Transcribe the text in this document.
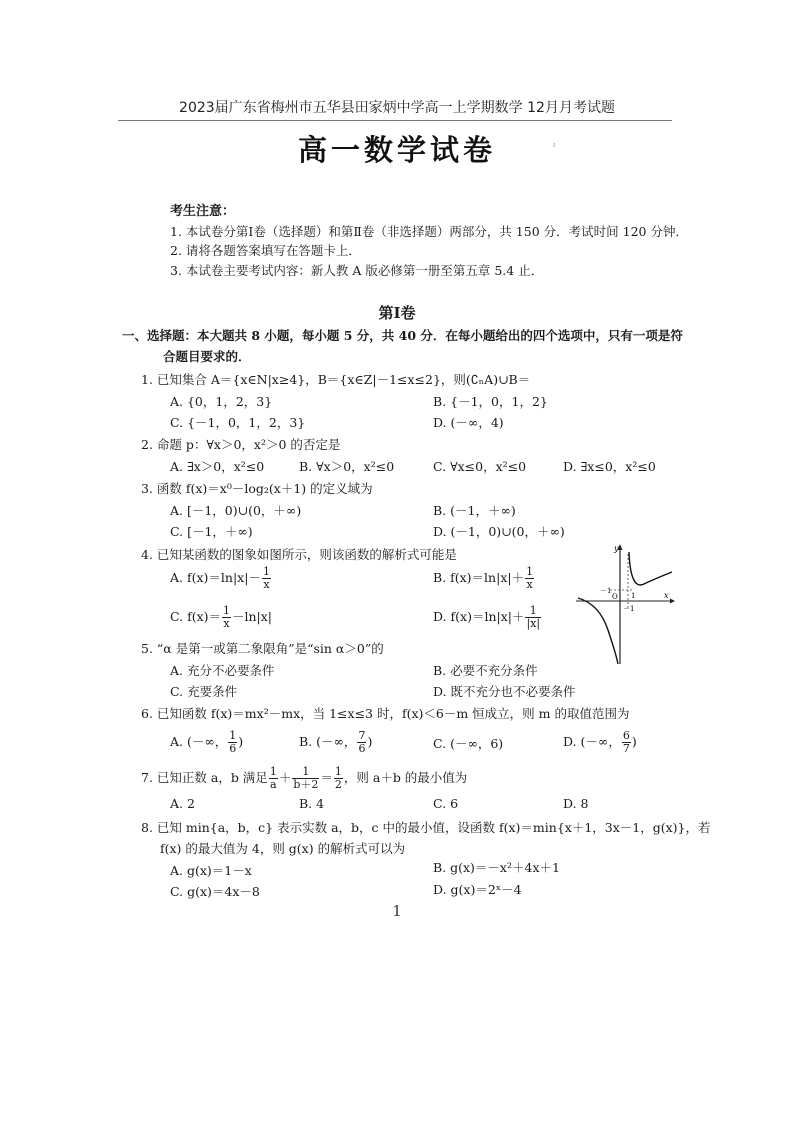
2023届广东省梅州市五华县田家炳中学高一上学期数学 12月月考试题
高一数学试卷	ˀ
考生注意：
1. 本试卷分第Ⅰ卷（选择题）和第Ⅱ卷（非选择题）两部分，共 150 分．考试时间 120 分钟．
2. 请将各题答案填写在答题卡上．
3. 本试卷主要考试内容：新人教 A 版必修第一册至第五章 5.4 止．
第Ⅰ卷
一、选择题：本大题共 8 小题，每小题 5 分，共 40 分．在每小题给出的四个选项中，只有一项是符
合题目要求的．
1. 已知集合 A＝{x∈N|x≥4}，B＝{x∈Z|－1≤x≤2}，则(∁ₙA)∪B＝
A. {0，1，2，3}	B. {－1，0，1，2}
C. {－1，0，1，2，3}	D. (－∞，4)
2. 命题 p：∀x＞0，x²＞0 的否定是
A. ∃x＞0，x²≤0	B. ∀x＞0，x²≤0	C. ∀x≤0，x²≤0	D. ∃x≤0，x²≤0
3. 函数 f(x)＝x⁰－log₂(x＋1) 的定义域为
A. [－1，0)∪(0，＋∞)	B. (－1，＋∞)
C. [－1，＋∞)	D. (－1，0)∪(0，＋∞)
4. 已知某函数的图象如图所示，则该函数的解析式可能是
A. $f(x)=\ln|x|- \frac{1}{x}$	B. $f(x)=\ln|x|+ \frac{1}{x}$
C. $f(x)= \frac{1}{x} -\ln|x|$	D. $f(x)=\ln|x|+ \frac{1}{|x|}$
y
x
O
－1
－1
1
5. “α 是第一或第二象限角”是“sin α＞0”的
A. 充分不必要条件	B. 必要不充分条件
C. 充要条件	D. 既不充分也不必要条件
6. 已知函数 f(x)＝mx²－mx，当 1≤x≤3 时，f(x)＜6－m 恒成立，则 m 的取值范围为
A. (－∞， $\frac{1}{6}$ )	B. (－∞， $\frac{7}{6}$ )	C. (－∞，6)	D. (－∞， $\frac{6}{7}$ )
7. 已知正数 a，b 满足 $\frac{1}{a} + \frac{1}{b+2} = \frac{1}{2}$ ，则 a＋b 的最小值为
A. 2	B. 4	C. 6	D. 8
8. 已知 min{a，b，c} 表示实数 a，b，c 中的最小值，设函数 f(x)＝min{x＋1，3x－1，g(x)}，若
f(x) 的最大值为 4，则 g(x) 的解析式可以为
A. g(x)＝1－x	B. g(x)＝－x²＋4x＋1
C. g(x)＝4x－8	D. g(x)＝2ˣ－4
1
